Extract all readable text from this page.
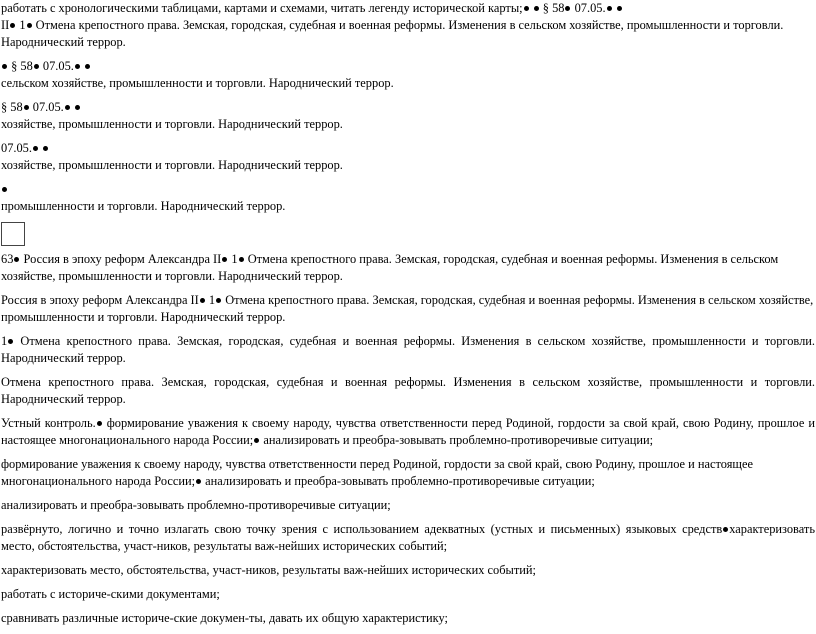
работать с хронологическими таблицами, картами и схемами, читать легенду исторической карты;  § 58 07.05.

II 1 Отмена крепостного права. Земская, городская, судебная и военная реформы. Изменения в сельском хозяйстве, промышленности и торговли. Народнический террор.

§ 58 07.05.
сельском хозяйстве, промышленности и торговли. Народнический террор.

§ 58 07.05.
хозяйстве, промышленности и торговли. Народнический террор.

07.05.
хозяйстве, промышленности и торговли. Народнический террор.

промышленности и торговли. Народнический террор.

63 Россия в эпоху реформ Александра II 1 Отмена крепостного права. Земская, городская, судебная и военная реформы. Изменения в сельском хозяйстве, промышленности и торговли. Народнический террор.

Россия в эпоху реформ Александра II 1 Отмена крепостного права. Земская, городская, судебная и военная реформы. Изменения в сельском хозяйстве, промышленности и торговли. Народнический террор.

1 Отмена крепостного права. Земская, городская, судебная и военная реформы. Изменения в сельском хозяйстве, промышленности и торговли. Народнический террор.

Отмена крепостного права. Земская, городская, судебная и военная реформы. Изменения в сельском хозяйстве, промышленности и торговли. Народнический террор.

Устный контроль. формирование уважения к своему народу, чувства ответственности перед Родиной, гордости за свой край, свою Родину, прошлое и настоящее многонационального народа России; анализировать и преобра-зовывать проблемно-противоречивые ситуации;

формирование уважения к своему народу, чувства ответственности перед Родиной, гордости за свой край, свою Родину, прошлое и настоящее многонационального народа России; анализировать и преобра-зовывать проблемно-противоречивые ситуации;

анализировать и преобра-зовывать проблемно-противоречивые ситуации;

развёрнуто, логично и точно излагать свою точку зрения с использованием адекватных (устных и письменных) языковых средств характеризовать место, обстоятельства, участ-ников, результаты важ-нейших исторических событий;

характеризовать место, обстоятельства, участ-ников, результаты важ-нейших исторических событий;

работать с историче-скими документами;

сравнивать различные историче-ские докумен-ты, давать их общую характеристику;
